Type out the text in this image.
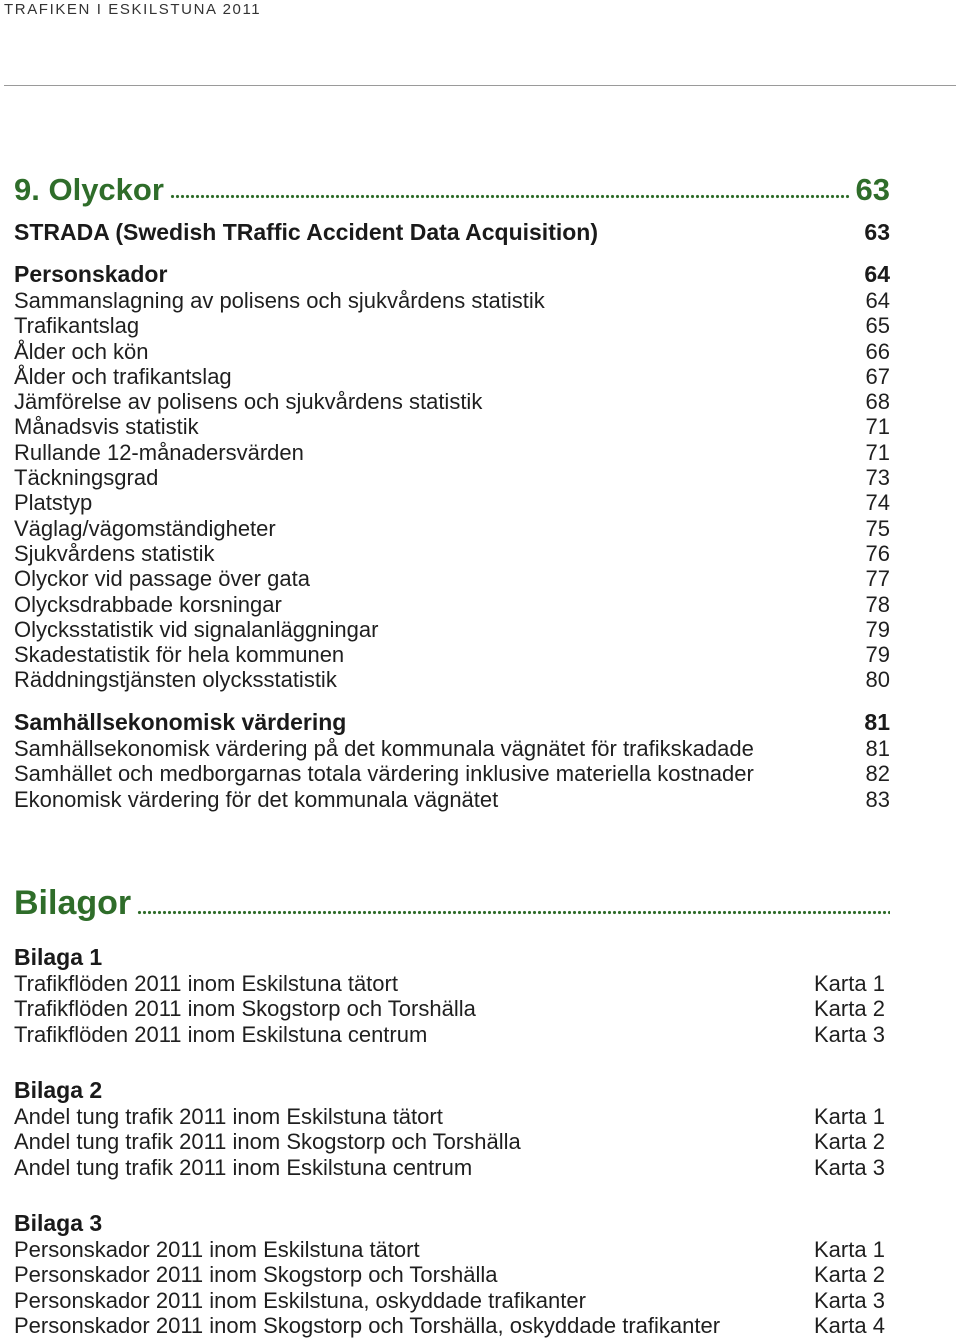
TRAFIKEN I ESKILSTUNA 2011
9. Olyckor	63
STRADA (Swedish TRaffic Accident Data Acquisition)	63
Personskador	64
Sammanslagning av polisens och sjukvårdens statistik	64
Trafikantslag	65
Ålder och kön	66
Ålder och trafikantslag	67
Jämförelse av polisens och sjukvårdens statistik	68
Månadsvis statistik	71
Rullande 12-månadersvärden	71
Täckningsgrad	73
Platstyp	74
Väglag/vägomständigheter	75
Sjukvårdens statistik	76
Olyckor vid passage över gata	77
Olycksdrabbade korsningar	78
Olycksstatistik vid signalanläggningar	79
Skadestatistik för hela kommunen	79
Räddningstjänsten olycksstatistik	80
Samhällsekonomisk värdering	81
Samhällsekonomisk värdering på det kommunala vägnätet för trafikskadade	81
Samhället och medborgarnas totala värdering inklusive materiella kostnader	82
Ekonomisk värdering för det kommunala vägnätet	83
Bilagor
Bilaga 1
Trafikflöden 2011 inom Eskilstuna tätort	Karta 1
Trafikflöden 2011 inom Skogstorp och Torshälla	Karta 2
Trafikflöden 2011 inom Eskilstuna centrum	Karta 3
Bilaga 2
Andel tung trafik 2011 inom Eskilstuna tätort	Karta 1
Andel tung trafik 2011 inom Skogstorp och Torshälla	Karta 2
Andel tung trafik 2011 inom Eskilstuna centrum	Karta 3
Bilaga 3
Personskador 2011 inom Eskilstuna tätort	Karta 1
Personskador 2011 inom Skogstorp och Torshälla	Karta 2
Personskador 2011 inom Eskilstuna, oskyddade trafikanter	Karta 3
Personskador 2011 inom Skogstorp och Torshälla, oskyddade trafikanter	Karta 4
